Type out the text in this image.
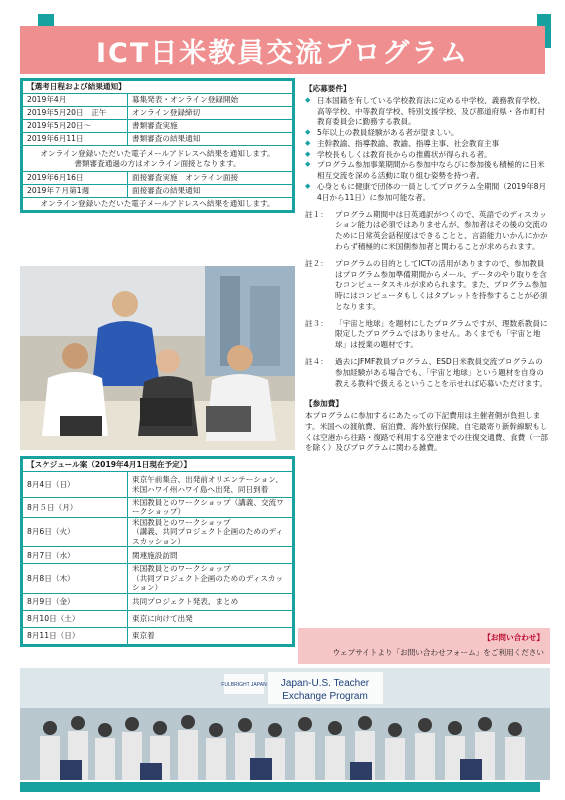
ICT日米教員交流プログラム
【選考日程および結果通知】	
2019年4月	募集発表・オンライン登録開始
2019年5月20日　正午	オンライン登録締切
2019年5月20日～	書類審査実施
2019年6月11日	書類審査の結果通知

オンライン登録いただいた電子メールアドレスへ結果を通知します。
書類審査通過の方はオンライン面接となります。	

2019年6月16日	面接審査実施　オンライン面接
2019年７月第1週	面接審査の結果通知
オンライン登録いただいた電子メールアドレスへ結果を通知します。	
【スケジュール案（2019年4月1日現在予定）】	
8月4日（日）	東京午前集合、出発前オリエンテーション、
米国ハワイ州ハワイ島へ出発、同日到着

8月５日（月）	米国教員とのワークショップ（講義、交流ワークショップ）
8月6日（火）	米国教員とのワークショップ
（講義、共同プロジェクト企画のためのディスカッション）

8月7日（水）	関連施設訪問
8月8日（木）	米国教員とのワークショップ
（共同プロジェクト企画のためのディスカッション）

8月9日（金）	共同プロジェクト発表、まとめ
8月10日（土）	東京に向けて出発
8月11日（日）	東京着
【応募要件】
◆ 日本国籍を有している学校教育法に定める中学校、義務教育学校、高等学校、中等教育学校、特別支援学校、及び都道府県・各市町村教育委員会に勤務する教員。
◆ 5年以上の教員経験がある者が望ましい。
◆ 主幹教諭、指導教諭、教諭、指導主事、社会教育主事
◆ 学校長もしくは教育長からの推薦状が得られる者。
◆ プログラム参加事業期間から参加中ならびに参加後も積極的に日米相互交流を深める活動に取り組む姿勢を持つ者。
◆ 心身ともに健康で団体の一員としてプログラム全期間（2019年8月4日から11日）に参加可能な者。
註１： プログラム期間中は日英通訳がつくので、英語でのディスカッション能力は必須ではありませんが、参加者はその後の交流のために日常英会話程度はできることと、言語能力いかんにかかわらず積極的に米国側参加者と関わることが求められます。
註２： プログラムの目的としてICTの活用がありますので、参加教員はプログラム参加準備期間からメール、データのやり取りを含むコンピュータスキルが求められます。また、プログラム参加時にはコンピュータもしくはタブレットを持参することが必須となります。
註３： 「宇宙と地球」を題材にしたプログラムですが、理数系教員に限定したプログラムではありません。あくまでも「宇宙と地球」は授業の題材です。
註４： 過去にJFMF教員プログラム、ESD日米教員交流プログラムの参加経験がある場合でも、「宇宙と地球」という題材を自身の教える教科で扱えるということを示せれば応募いただけます。
【参加費】
本プログラムに参加するにあたっての下記費用は主催者側が負担します。米国への渡航費、宿泊費、海外旅行保険、自宅最寄り新幹線駅もしくは空港から往路・復路で利用する空港までの往復交通費、食費（一部を除く）及びプログラムに関わる雑費。
【お問い合わせ】
ウェブサイトより「お問い合わせフォーム」をご利用ください
Japan-U.S. Teacher
Exchange Program
FULBRIGHT JAPAN
